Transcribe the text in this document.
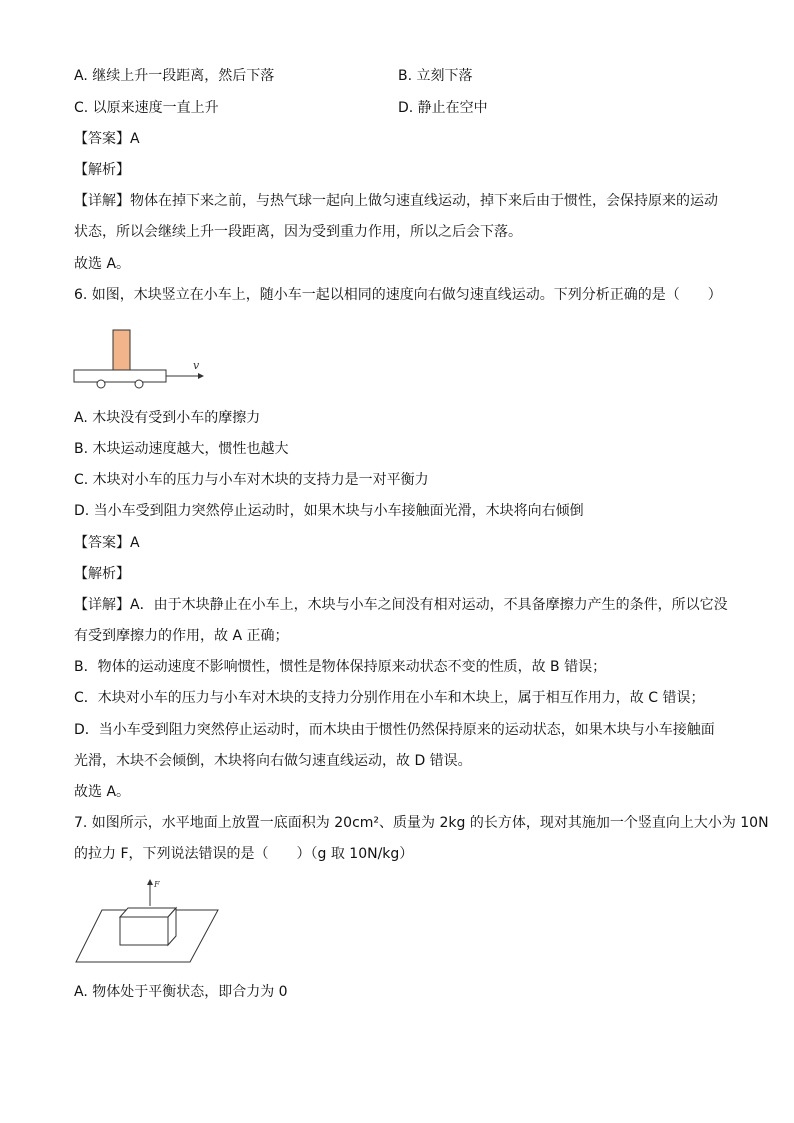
A. 继续上升一段距离，然后下落	B. 立刻下落
C. 以原来速度一直上升	D. 静止在空中
【答案】A
【解析】
【详解】物体在掉下来之前，与热气球一起向上做匀速直线运动，掉下来后由于惯性，会保持原来的运动
状态，所以会继续上升一段距离，因为受到重力作用，所以之后会下落。
故选 A。
6. 如图，木块竖立在小车上，随小车一起以相同的速度向右做匀速直线运动。下列分析正确的是（　　）
v
A. 木块没有受到小车的摩擦力
B. 木块运动速度越大，惯性也越大
C. 木块对小车的压力与小车对木块的支持力是一对平衡力
D. 当小车受到阻力突然停止运动时，如果木块与小车接触面光滑，木块将向右倾倒
【答案】A
【解析】
【详解】A．由于木块静止在小车上，木块与小车之间没有相对运动，不具备摩擦力产生的条件，所以它没
有受到摩擦力的作用，故 A 正确；
B．物体的运动速度不影响惯性，惯性是物体保持原来动状态不变的性质，故 B 错误；
C．木块对小车的压力与小车对木块的支持力分别作用在小车和木块上，属于相互作用力，故 C 错误；
D．当小车受到阻力突然停止运动时，而木块由于惯性仍然保持原来的运动状态，如果木块与小车接触面
光滑，木块不会倾倒，木块将向右做匀速直线运动，故 D 错误。
故选 A。
7. 如图所示，水平地面上放置一底面积为 20cm²、质量为 2kg 的长方体，现对其施加一个竖直向上大小为 10N
的拉力 F，下列说法错误的是（　　）（g 取 10N/kg）
F
A. 物体处于平衡状态，即合力为 0
